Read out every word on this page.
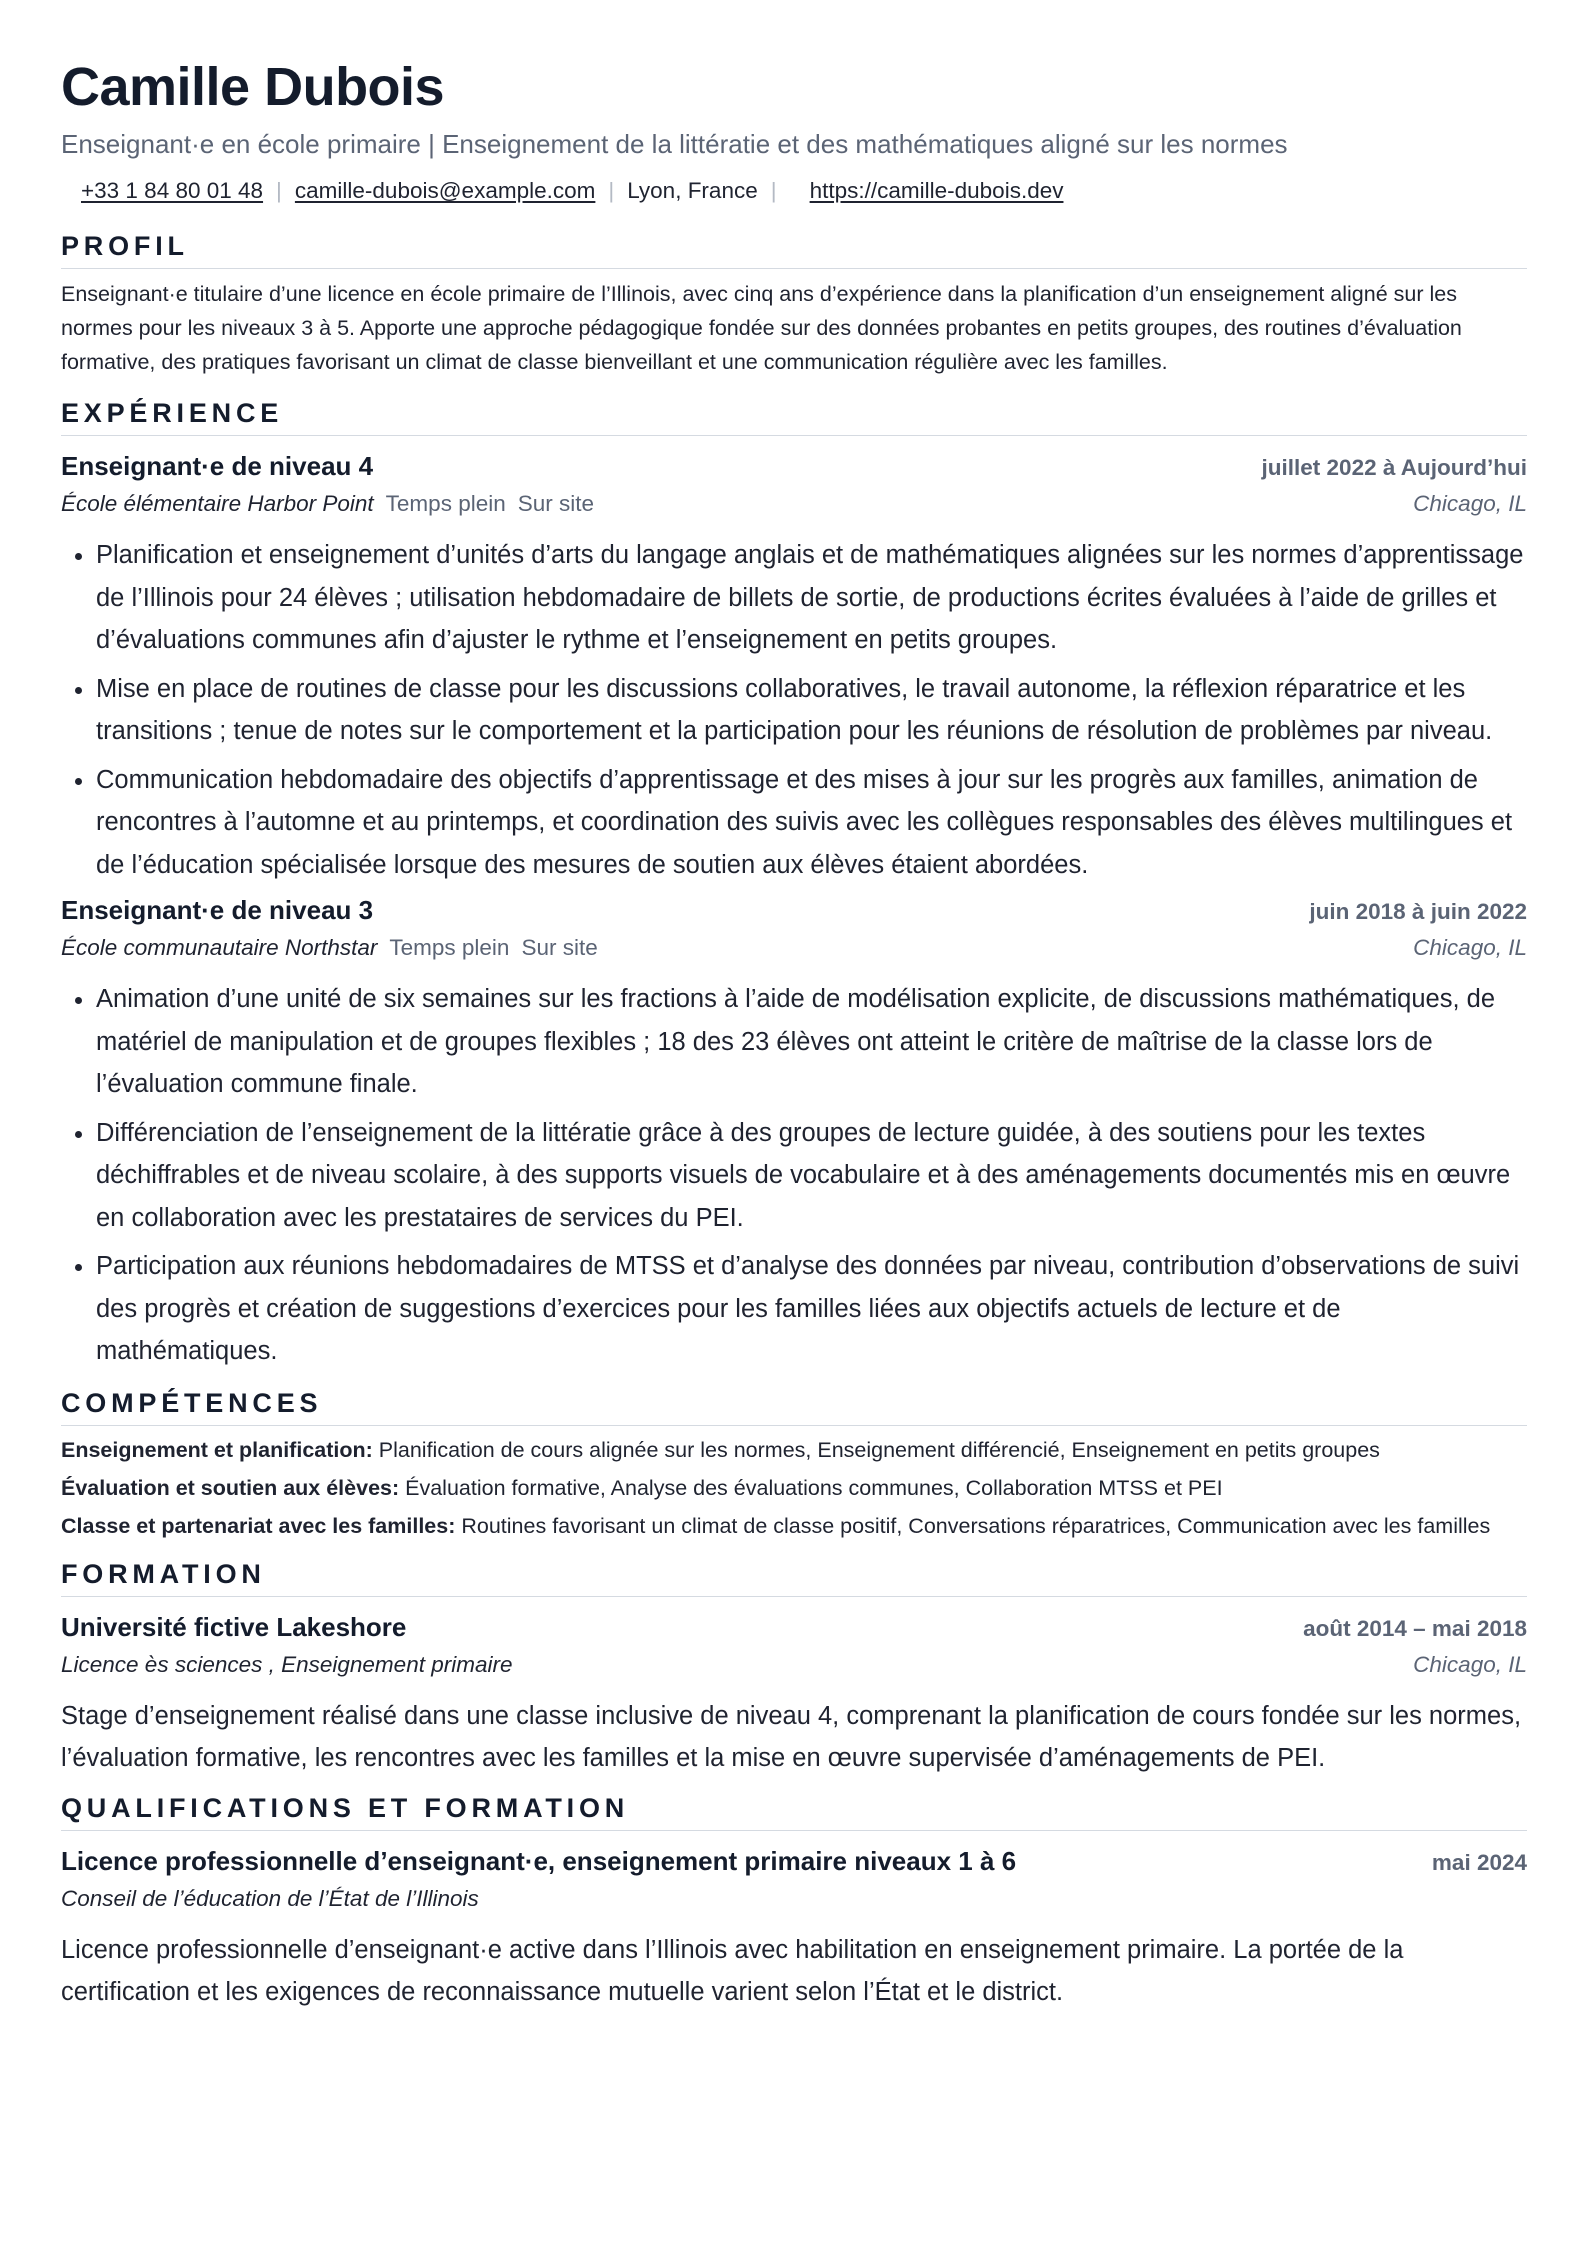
Camille Dubois
Enseignant·e en école primaire | Enseignement de la littératie et des mathématiques aligné sur les normes
+33 1 84 80 01 48 | camille-dubois@example.com | Lyon, France | https://camille-dubois.dev
PROFIL
Enseignant·e titulaire d’une licence en école primaire de l’Illinois, avec cinq ans d’expérience dans la planification d’un enseignement aligné sur les normes pour les niveaux 3 à 5. Apporte une approche pédagogique fondée sur des données probantes en petits groupes, des routines d’évaluation formative, des pratiques favorisant un climat de classe bienveillant et une communication régulière avec les familles.
EXPÉRIENCE
Enseignant·e de niveau 4	juillet 2022 à Aujourd’hui
École élémentaire Harbor Point Temps plein Sur site	Chicago, IL
• Planification et enseignement d’unités d’arts du langage anglais et de mathématiques alignées sur les normes d’apprentissage de l’Illinois pour 24 élèves ; utilisation hebdomadaire de billets de sortie, de productions écrites évaluées à l’aide de grilles et d’évaluations communes afin d’ajuster le rythme et l’enseignement en petits groupes.
• Mise en place de routines de classe pour les discussions collaboratives, le travail autonome, la réflexion réparatrice et les transitions ; tenue de notes sur le comportement et la participation pour les réunions de résolution de problèmes par niveau.
• Communication hebdomadaire des objectifs d’apprentissage et des mises à jour sur les progrès aux familles, animation de rencontres à l’automne et au printemps, et coordination des suivis avec les collègues responsables des élèves multilingues et de l’éducation spécialisée lorsque des mesures de soutien aux élèves étaient abordées.
Enseignant·e de niveau 3	juin 2018 à juin 2022
École communautaire Northstar Temps plein Sur site	Chicago, IL
• Animation d’une unité de six semaines sur les fractions à l’aide de modélisation explicite, de discussions mathématiques, de matériel de manipulation et de groupes flexibles ; 18 des 23 élèves ont atteint le critère de maîtrise de la classe lors de l’évaluation commune finale.
• Différenciation de l’enseignement de la littératie grâce à des groupes de lecture guidée, à des soutiens pour les textes déchiffrables et de niveau scolaire, à des supports visuels de vocabulaire et à des aménagements documentés mis en œuvre en collaboration avec les prestataires de services du PEI.
• Participation aux réunions hebdomadaires de MTSS et d’analyse des données par niveau, contribution d’observations de suivi des progrès et création de suggestions d’exercices pour les familles liées aux objectifs actuels de lecture et de mathématiques.
COMPÉTENCES
Enseignement et planification: Planification de cours alignée sur les normes, Enseignement différencié, Enseignement en petits groupes
Évaluation et soutien aux élèves: Évaluation formative, Analyse des évaluations communes, Collaboration MTSS et PEI
Classe et partenariat avec les familles: Routines favorisant un climat de classe positif, Conversations réparatrices, Communication avec les familles
FORMATION
Université fictive Lakeshore	août 2014 – mai 2018
Licence ès sciences , Enseignement primaire	Chicago, IL
Stage d’enseignement réalisé dans une classe inclusive de niveau 4, comprenant la planification de cours fondée sur les normes, l’évaluation formative, les rencontres avec les familles et la mise en œuvre supervisée d’aménagements de PEI.
QUALIFICATIONS ET FORMATION
Licence professionnelle d’enseignant·e, enseignement primaire niveaux 1 à 6	mai 2024
Conseil de l’éducation de l’État de l’Illinois
Licence professionnelle d’enseignant·e active dans l’Illinois avec habilitation en enseignement primaire. La portée de la certification et les exigences de reconnaissance mutuelle varient selon l’État et le district.
